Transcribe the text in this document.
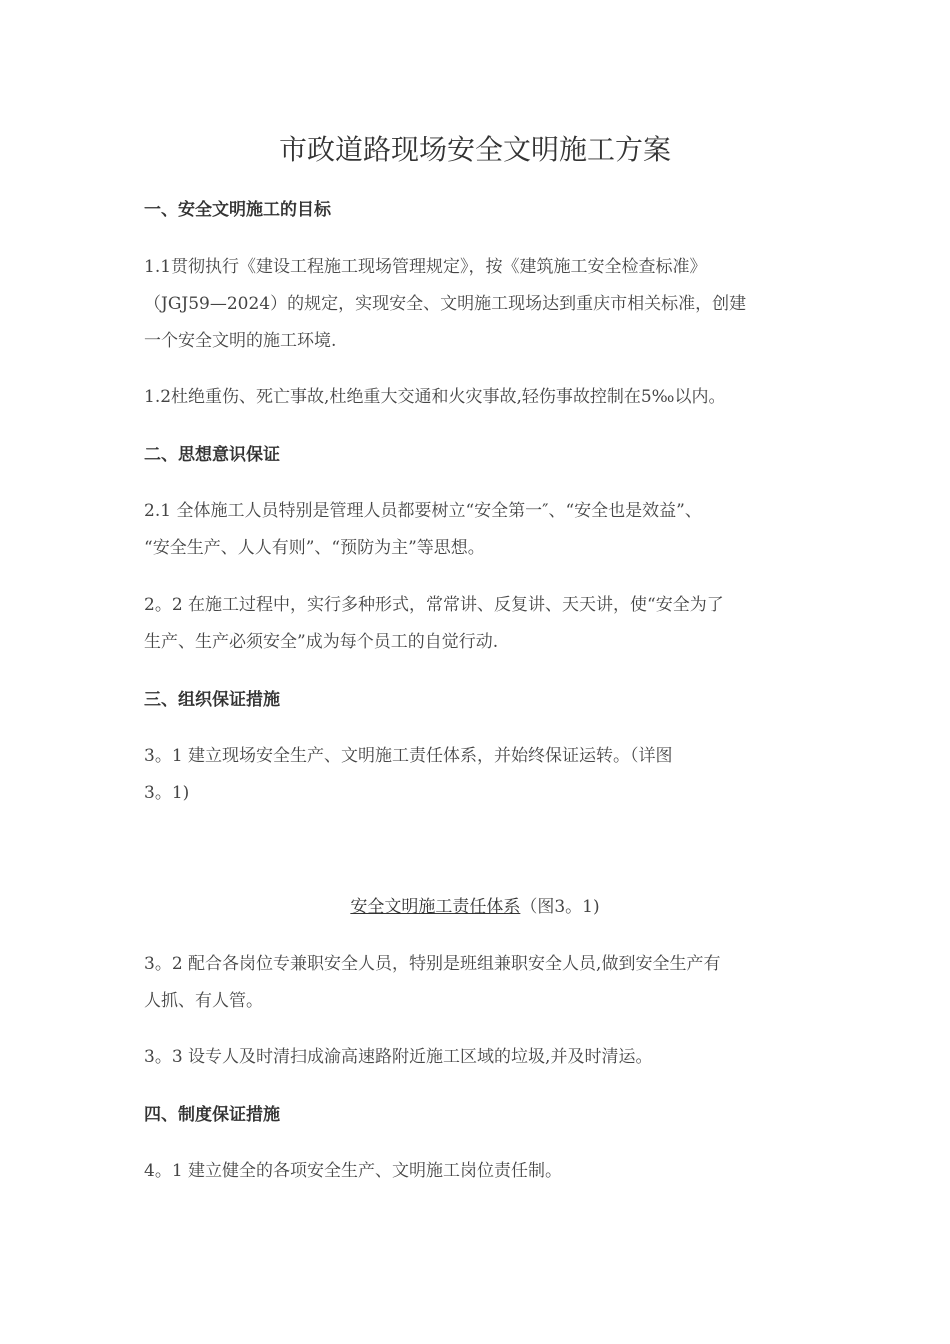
市政道路现场安全文明施工方案
一、安全文明施工的目标
1.1贯彻执行《建设工程施工现场管理规定》，按《建筑施工安全检查标准》
（JGJ59—2024）的规定，实现安全、文明施工现场达到重庆市相关标准，创建
一个安全文明的施工环境.
1.2杜绝重伤、死亡事故,杜绝重大交通和火灾事故,轻伤事故控制在5‰以内。
二、思想意识保证
2.1 全体施工人员特别是管理人员都要树立“安全第一″、“安全也是效益”、
“安全生产、人人有则”、“预防为主”等思想。
2。2 在施工过程中，实行多种形式，常常讲、反复讲、天天讲，使“安全为了
生产、生产必须安全”成为每个员工的自觉行动.
三、组织保证措施
3。1 建立现场安全生产、文明施工责任体系，并始终保证运转。（详图
3。1)
安全文明施工责任体系（图3。1)
3。2 配合各岗位专兼职安全人员，特别是班组兼职安全人员,做到安全生产有
人抓、有人管。
3。3 设专人及时清扫成渝高速路附近施工区域的垃圾,并及时清运。
四、制度保证措施
4。1 建立健全的各项安全生产、文明施工岗位责任制。
